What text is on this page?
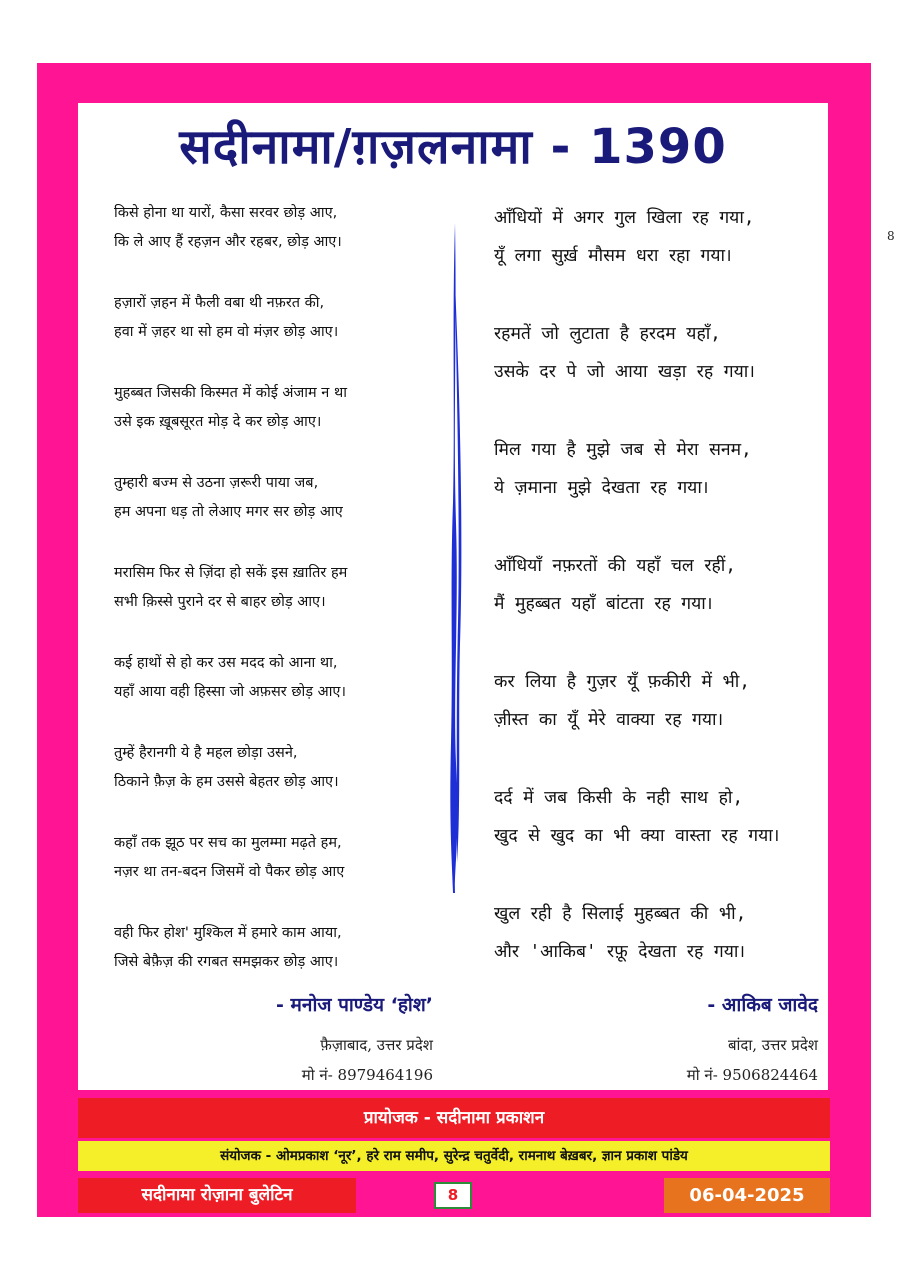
8
सदीनामा/ग़ज़लनामा - 1390
किसे होना था यारों, कैसा सरवर छोड़ आए,
कि ले आए हैं रहज़न और रहबर, छोड़ आए।
हज़ारों ज़हन में फैली वबा थी नफ़रत की,
हवा में ज़हर था सो हम वो मंज़र छोड़ आए।
मुहब्बत जिसकी किस्मत में कोई अंजाम न था
उसे इक ख़ूबसूरत मोड़ दे कर छोड़ आए।
तुम्हारी बज्म से उठना ज़रूरी पाया जब,
हम अपना धड़ तो लेआए मगर सर छोड़ आए
मरासिम फिर से ज़िंदा हो सकें इस ख़ातिर हम
सभी क़िस्से पुराने दर से बाहर छोड़ आए।
कई हाथों से हो कर उस मदद को आना था,
यहाँ आया वही हिस्सा जो अफ़सर छोड़ आए।
तुम्हें हैरानगी ये है महल छोड़ा उसने,
ठिकाने फ़ैज़ के हम उससे बेहतर छोड़ आए।
कहाँ तक झूठ पर सच का मुलम्मा मढ़ते हम,
नज़र था तन-बदन जिसमें वो पैकर छोड़ आए
वही फिर होश' मुश्किल में हमारे काम आया,
जिसे बेफ़ैज़ की रगबत समझकर छोड़ आए।
आँधियों में अगर गुल खिला रह गया,
यूँ लगा सुर्ख़ मौसम धरा रहा गया।
रहमतें जो लुटाता है हरदम यहाँ,
उसके दर पे जो आया खड़ा रह गया।
मिल गया है मुझे जब से मेरा सनम,
ये ज़माना मुझे देखता रह गया।
आँधियाँ नफ़रतों की यहाँ चल रहीं,
मैं मुहब्बत यहाँ बांटता रह गया।
कर लिया है गुज़र यूँ फ़कीरी में भी,
ज़ीस्त का यूँ मेरे वाक्या रह गया।
दर्द में जब किसी के नही साथ हो,
खुद से खुद का भी क्या वास्ता रह गया।
खुल रही है सिलाई मुहब्बत की भी,
और 'आकिब' रफ़ू देखता रह गया।
- मनोज पाण्डेय ‘होश’
फ़ैज़ाबाद, उत्तर प्रदेश
मो नं- 8979464196
- आकिब जावेद
बांदा, उत्तर प्रदेश
मो नं- 9506824464
प्रायोजक - सदीनामा प्रकाशन
संयोजक - ओमप्रकाश ‘नूर’, हरे राम समीप, सुरेन्द्र चतुर्वेदी, रामनाथ बेख़बर, ज्ञान प्रकाश पांडेय
सदीनामा रोज़ाना बुलेटिन	8	06-04-2025
